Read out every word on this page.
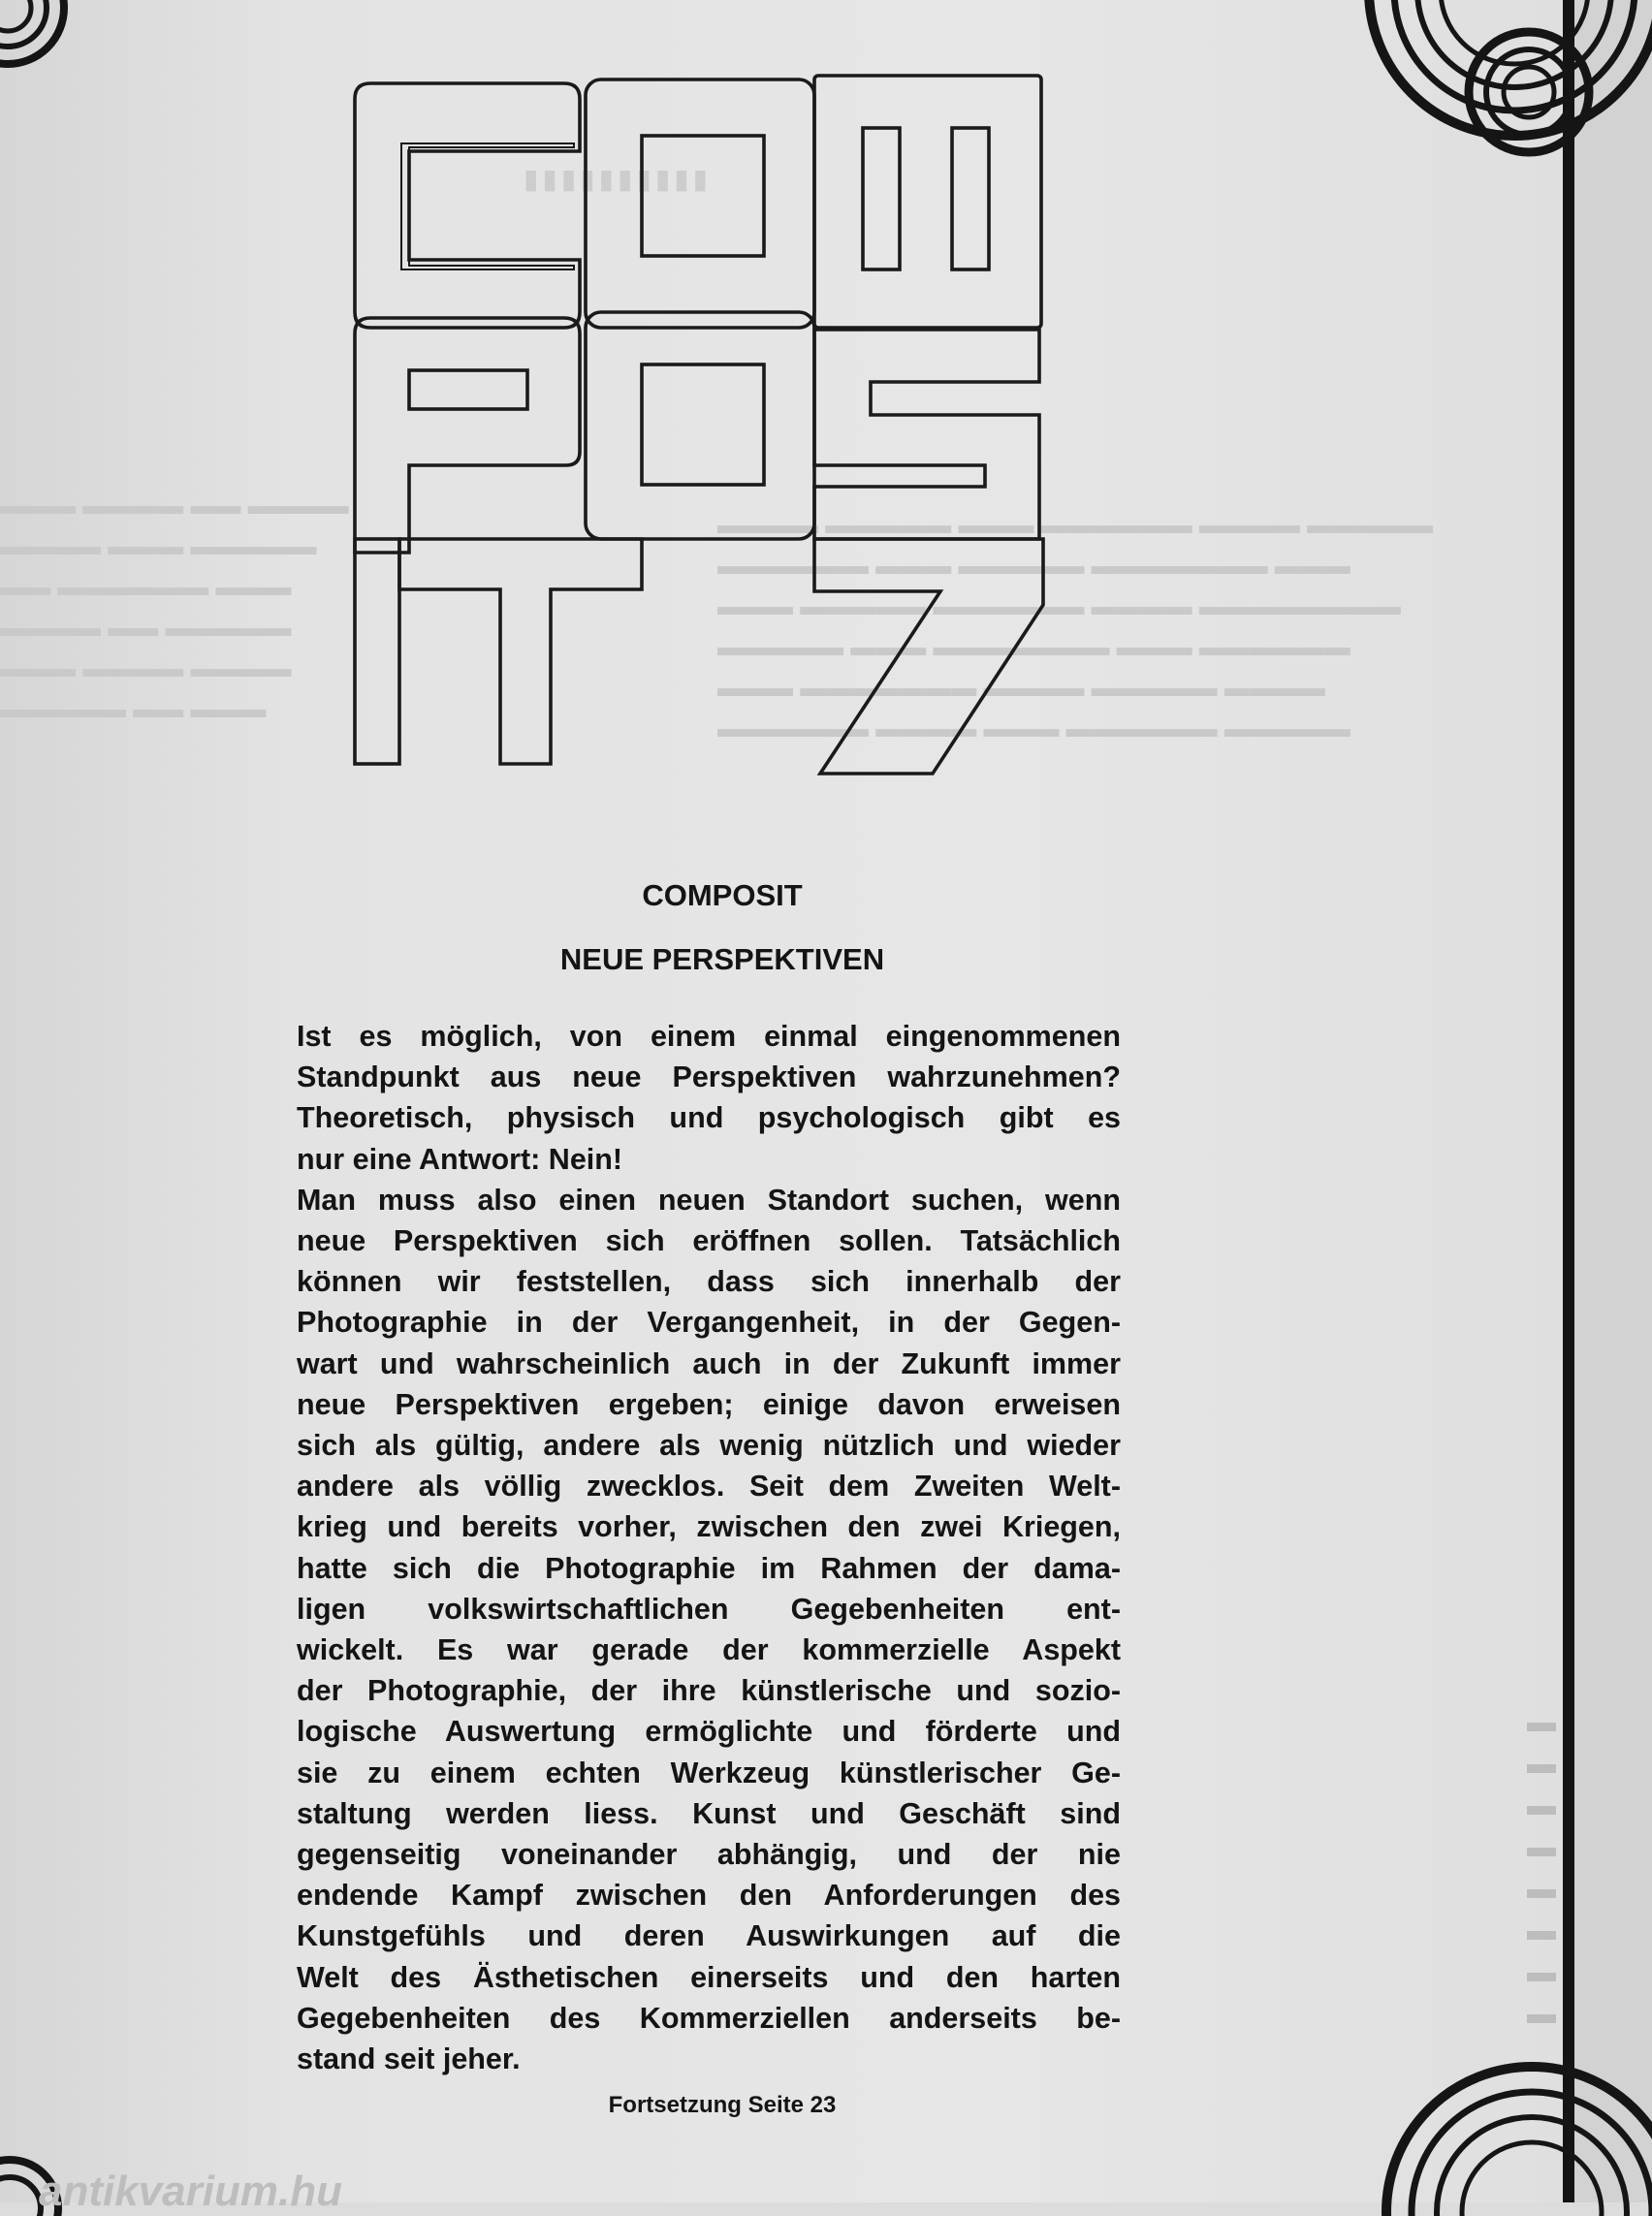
▮▮▮▮▮▮▮▮▮▮
▬▬▬ ▬▬▬▬ ▬▬ ▬▬▬▬
▬▬▬▬ ▬▬▬ ▬▬▬▬▬
▬▬ ▬▬▬▬▬▬ ▬▬▬
▬▬▬▬ ▬▬ ▬▬▬▬▬
▬▬▬ ▬▬▬▬ ▬▬▬▬
▬▬▬▬▬ ▬▬ ▬▬▬
▬▬▬▬ ▬▬▬▬▬ ▬▬▬ ▬▬▬▬▬▬ ▬▬▬▬ ▬▬▬▬▬
▬▬▬▬▬▬ ▬▬▬ ▬▬▬▬▬ ▬▬▬▬▬▬▬ ▬▬▬
▬▬▬ ▬▬▬▬▬ ▬▬▬▬▬▬ ▬▬▬▬ ▬▬▬▬▬▬▬▬
▬▬▬▬▬ ▬▬▬ ▬▬▬▬▬▬▬ ▬▬▬ ▬▬▬▬▬▬
▬▬▬ ▬▬▬▬▬▬▬ ▬▬▬▬ ▬▬▬▬▬ ▬▬▬▬
▬▬▬▬▬▬ ▬▬▬▬ ▬▬▬ ▬▬▬▬▬▬ ▬▬▬▬▬
COMPOSIT
NEUE PERSPEKTIVEN

Ist es möglich, von einem einmal eingenommenen
Standpunkt aus neue Perspektiven wahrzunehmen?
Theoretisch, physisch und psychologisch gibt es
nur eine Antwort: Nein!

Man muss also einen neuen Standort suchen, wenn
neue Perspektiven sich eröffnen sollen. Tatsächlich
können wir feststellen, dass sich innerhalb der
Photographie in der Vergangenheit, in der Gegen-
wart und wahrscheinlich auch in der Zukunft immer
neue Perspektiven ergeben; einige davon erweisen
sich als gültig, andere als wenig nützlich und wieder
andere als völlig zwecklos. Seit dem Zweiten Welt-
krieg und bereits vorher, zwischen den zwei Kriegen,
hatte sich die Photographie im Rahmen der dama-
ligen volkswirtschaftlichen Gegebenheiten ent-
wickelt. Es war gerade der kommerzielle Aspekt
der Photographie, der ihre künstlerische und sozio-
logische Auswertung ermöglichte und förderte und
sie zu einem echten Werkzeug künstlerischer Ge-
staltung werden liess. Kunst und Geschäft sind
gegenseitig voneinander abhängig, und der nie
endende Kampf zwischen den Anforderungen des
Kunstgefühls und deren Auswirkungen auf die
Welt des Ästhetischen einerseits und den harten
Gegebenheiten des Kommerziellen anderseits be-
stand seit jeher.

Fortsetzung Seite 23

▬
▬
▬
▬
▬
▬
▬
▬
antikvarium.hu
